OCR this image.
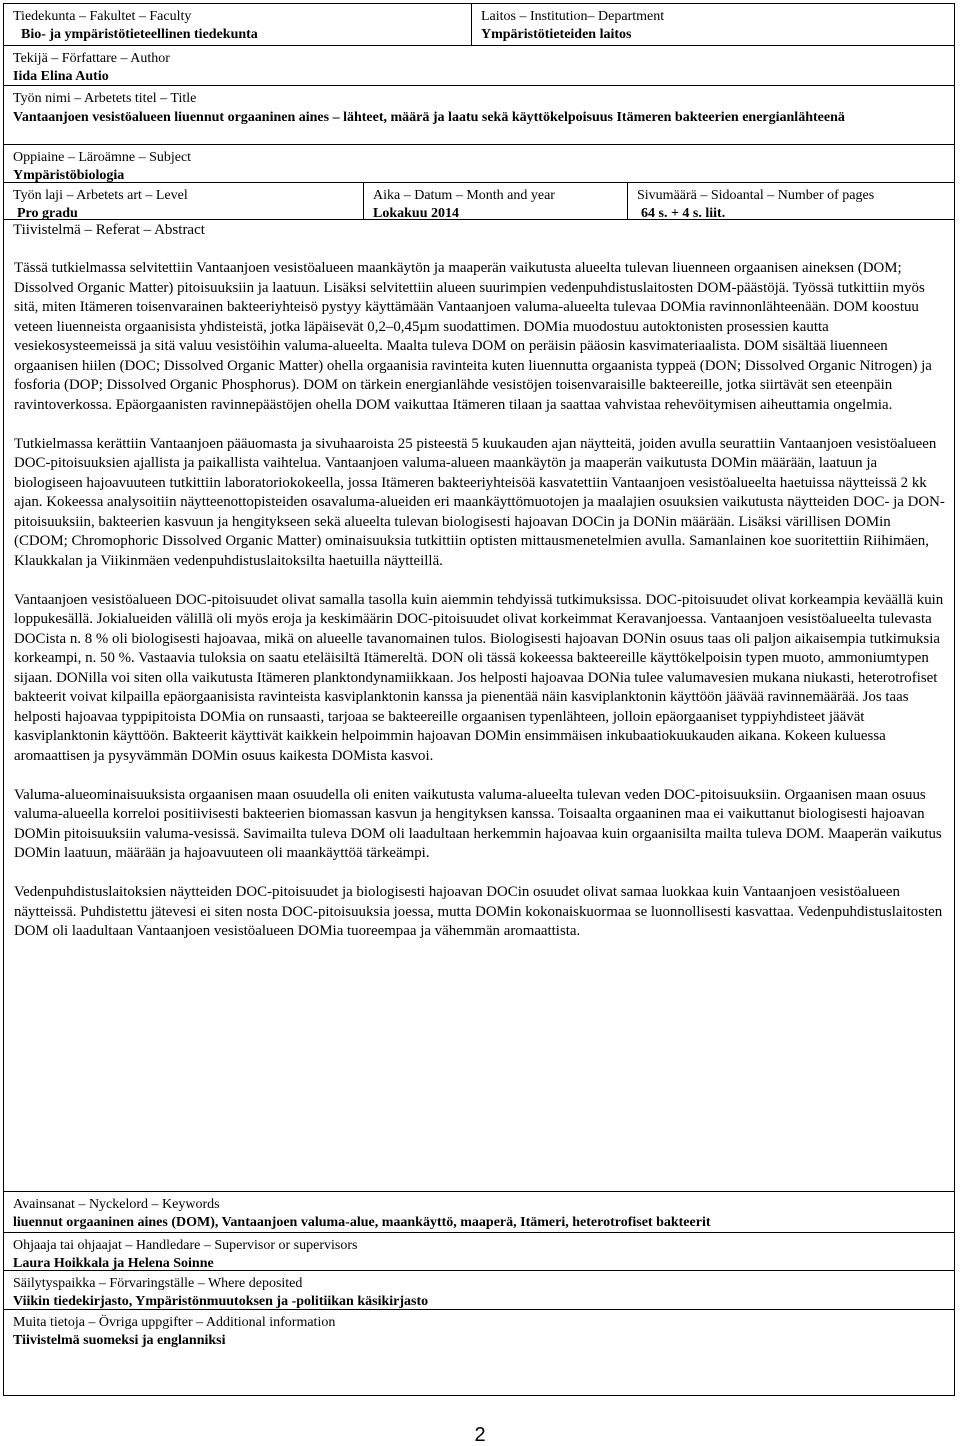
Tiedekunta – Fakultet – Faculty
Bio- ja ympäristötieteellinen tiedekunta
Laitos – Institution– Department
Ympäristötieteiden laitos
Tekijä – Författare – Author
Iida Elina Autio
Työn nimi – Arbetets titel – Title
Vantaanjoen vesistöalueen liuennut orgaaninen aines – lähteet, määrä ja laatu sekä käyttökelpoisuus Itämeren bakteerien energianlähteenä
Oppiaine – Läroämne – Subject
Ympäristöbiologia
Työn laji – Arbetets art – Level
Pro gradu
Aika – Datum – Month and year
Lokakuu 2014
Sivumäärä – Sidoantal – Number of pages
64 s. + 4 s. liit.
Tiivistelmä – Referat – Abstract

Tässä tutkielmassa selvitettiin Vantaanjoen vesistöalueen maankäytön ja maaperän vaikutusta alueelta tulevan liuenneen orgaanisen aineksen (DOM; Dissolved Organic Matter) pitoisuuksiin ja laatuun. Lisäksi selvitettiin alueen suurimpien vedenpuhdistuslaitosten DOM-päästöjä. Työssä tutkittiin myös sitä, miten Itämeren toisenvarainen bakteeriyhteisö pystyy käyttämään Vantaanjoen valuma-alueelta tulevaa DOMia ravinnonlähteenään. DOM koostuu veteen liuenneista orgaanisista yhdisteistä, jotka läpäisevät 0,2–0,45µm suodattimen. DOMia muodostuu autoktonisten prosessien kautta vesiekosysteemeissä ja sitä valuu vesistöihin valuma-alueelta. Maalta tuleva DOM on peräisin pääosin kasvimateriaalista. DOM sisältää liuenneen orgaanisen hiilen (DOC; Dissolved Organic Matter) ohella orgaanisia ravinteita kuten liuennutta orgaanista typpeä (DON; Dissolved Organic Nitrogen) ja fosforia (DOP; Dissolved Organic Phosphorus). DOM on tärkein energianlähde vesistöjen toisenvaraisille bakteereille, jotka siirtävät sen eteenpäin ravintoverkossa. Epäorgaanisten ravinnepäästöjen ohella DOM vaikuttaa Itämeren tilaan ja saattaa vahvistaa rehevöitymisen aiheuttamia ongelmia.

Tutkielmassa kerättiin Vantaanjoen pääuomasta ja sivuhaaroista 25 pisteestä 5 kuukauden ajan näytteitä, joiden avulla seurattiin Vantaanjoen vesistöalueen DOC-pitoisuuksien ajallista ja paikallista vaihtelua. Vantaanjoen valuma-alueen maankäytön ja maaperän vaikutusta DOMin määrään, laatuun ja biologiseen hajoavuuteen tutkittiin laboratoriokokeella, jossa Itämeren bakteeriyhteisöä kasvatettiin Vantaanjoen vesistöalueelta haetuissa näytteissä 2 kk ajan. Kokeessa analysoitiin näytteenottopisteiden osavaluma-alueiden eri maankäyttömuotojen ja maalajien osuuksien vaikutusta näytteiden DOC- ja DON-pitoisuuksiin, bakteerien kasvuun ja hengitykseen sekä alueelta tulevan biologisesti hajoavan DOCin ja DONin määrään. Lisäksi värillisen DOMin (CDOM; Chromophoric Dissolved Organic Matter) ominaisuuksia tutkittiin optisten mittausmenetelmien avulla. Samanlainen koe suoritettiin Riihimäen, Klaukkalan ja Viikinmäen vedenpuhdistuslaitoksilta haetuilla näytteillä.

Vantaanjoen vesistöalueen DOC-pitoisuudet olivat samalla tasolla kuin aiemmin tehdyissä tutkimuksissa. DOC-pitoisuudet olivat korkeampia keväällä kuin loppukesällä. Jokialueiden välillä oli myös eroja ja keskimäärin DOC-pitoisuudet olivat korkeimmat Keravanjoessa. Vantaanjoen vesistöalueelta tulevasta DOCista n. 8 % oli biologisesti hajoavaa, mikä on alueelle tavanomainen tulos. Biologisesti hajoavan DONin osuus taas oli paljon aikaisempia tutkimuksia korkeampi, n. 50 %. Vastaavia tuloksia on saatu eteläisiltä Itämereltä. DON oli tässä kokeessa bakteereille käyttökelpoisin typen muoto, ammoniumtypen sijaan. DONilla voi siten olla vaikutusta Itämeren planktondynamiikkaan. Jos helposti hajoavaa DONia tulee valumavesien mukana niukasti, heterotrofiset bakteerit voivat kilpailla epäorgaanisista ravinteista kasviplanktonin kanssa ja pienentää näin kasviplanktonin käyttöön jäävää ravinnemäärää. Jos taas helposti hajoavaa typpipitoista DOMia on runsaasti, tarjoaa se bakteereille orgaanisen typenlähteen, jolloin epäorgaaniset typpiyhdisteet jäävät kasviplanktonin käyttöön. Bakteerit käyttivät kaikkein helpoimmin hajoavan DOMin ensimmäisen inkubaatiokuukauden aikana. Kokeen kuluessa aromaattisen ja pysyvämmän DOMin osuus kaikesta DOMista kasvoi.

Valuma-alueominaisuuksista orgaanisen maan osuudella oli eniten vaikutusta valuma-alueelta tulevan veden DOC-pitoisuuksiin. Orgaanisen maan osuus valuma-alueella korreloi positiivisesti bakteerien biomassan kasvun ja hengityksen kanssa. Toisaalta orgaaninen maa ei vaikuttanut biologisesti hajoavan DOMin pitoisuuksiin valuma-vesissä. Savimailta tuleva DOM oli laadultaan herkemmin hajoavaa kuin orgaanisilta mailta tuleva DOM. Maaperän vaikutus DOMin laatuun, määrään ja hajoavuuteen oli maankäyttöä tärkeämpi.

Vedenpuhdistuslaitoksien näytteiden DOC-pitoisuudet ja biologisesti hajoavan DOCin osuudet olivat samaa luokkaa kuin Vantaanjoen vesistöalueen näytteissä. Puhdistettu jätevesi ei siten nosta DOC-pitoisuuksia joessa, mutta DOMin kokonaiskuormaa se luonnollisesti kasvattaa. Vedenpuhdistuslaitosten DOM oli laadultaan Vantaanjoen vesistöalueen DOMia tuoreempaa ja vähemmän aromaattista.

Avainsanat – Nyckelord – Keywords
liuennut orgaaninen aines (DOM), Vantaanjoen valuma-alue, maankäyttö, maaperä, Itämeri, heterotrofiset bakteerit
Ohjaaja tai ohjaajat – Handledare – Supervisor or supervisors
Laura Hoikkala ja Helena Soinne
Säilytyspaikka – Förvaringställe – Where deposited
Viikin tiedekirjasto, Ympäristönmuutoksen ja -politiikan käsikirjasto
Muita tietoja – Övriga uppgifter – Additional information
Tiivistelmä suomeksi ja englanniksi
2
